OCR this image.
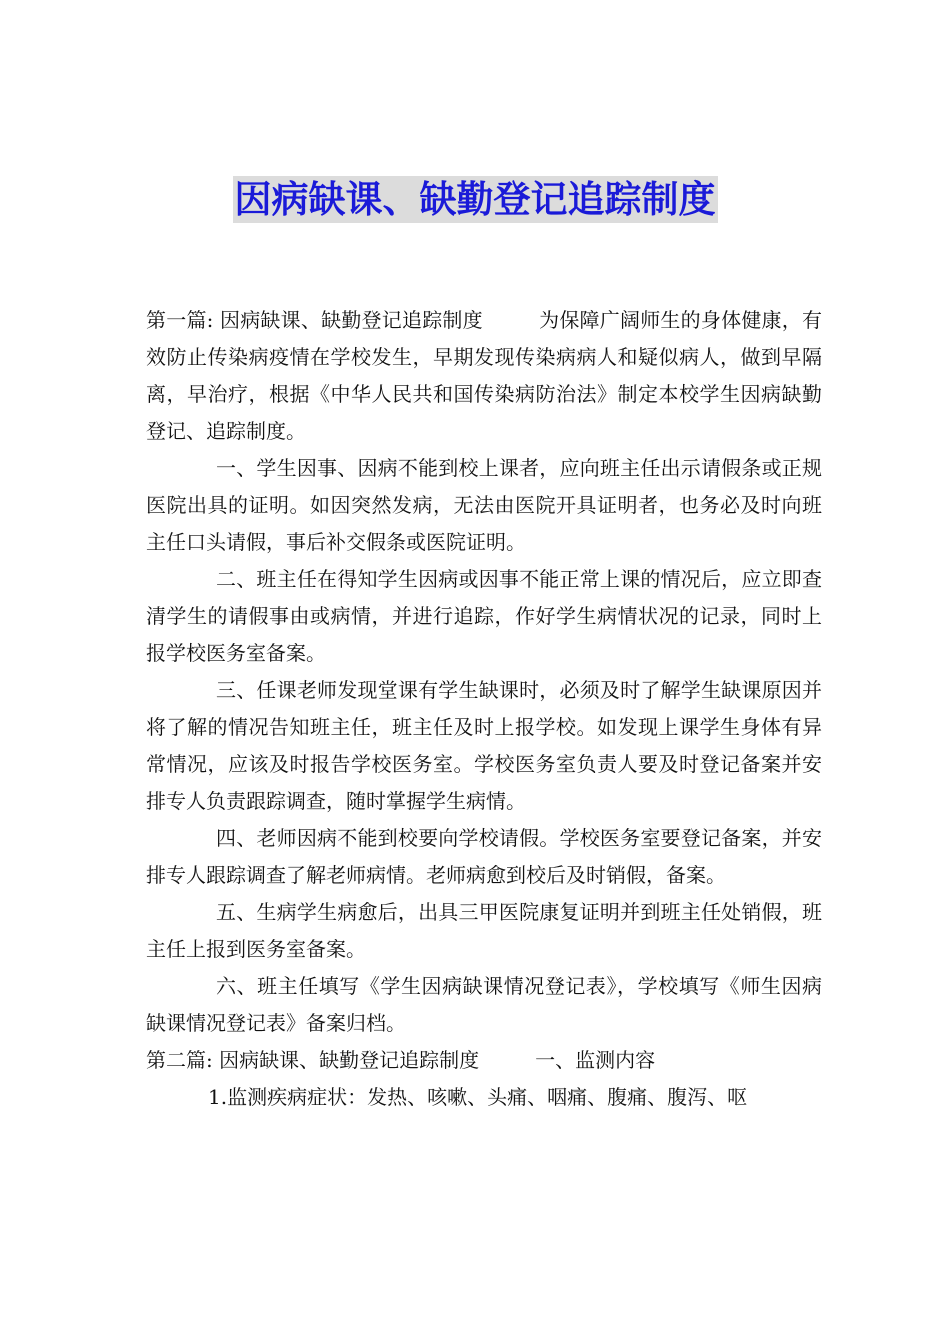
因病缺课、缺勤登记追踪制度

第一篇: 因病缺课、缺勤登记追踪制度	为保障广阔师生的身体健康，有效防止传染病疫情在学校发生，早期发现传染病病人和疑似病人，做到早隔离，早治疗，根据《中华人民共和国传染病防治法》制定本校学生因病缺勤登记、追踪制度。

一、学生因事、因病不能到校上课者，应向班主任出示请假条或正规医院出具的证明。如因突然发病，无法由医院开具证明者，也务必及时向班主任口头请假，事后补交假条或医院证明。

二、班主任在得知学生因病或因事不能正常上课的情况后，应立即查清学生的请假事由或病情，并进行追踪，作好学生病情状况的记录，同时上报学校医务室备案。

三、任课老师发现堂课有学生缺课时，必须及时了解学生缺课原因并将了解的情况告知班主任，班主任及时上报学校。如发现上课学生身体有异常情况，应该及时报告学校医务室。学校医务室负责人要及时登记备案并安排专人负责跟踪调查，随时掌握学生病情。

四、老师因病不能到校要向学校请假。学校医务室要登记备案，并安排专人跟踪调查了解老师病情。老师病愈到校后及时销假，备案。

五、生病学生病愈后，出具三甲医院康复证明并到班主任处销假，班主任上报到医务室备案。

六、班主任填写《学生因病缺课情况登记表》，学校填写《师生因病缺课情况登记表》备案归档。

第二篇: 因病缺课、缺勤登记追踪制度	一、监测内容

1.监测疾病症状：发热、咳嗽、头痛、咽痛、腹痛、腹泻、呕
